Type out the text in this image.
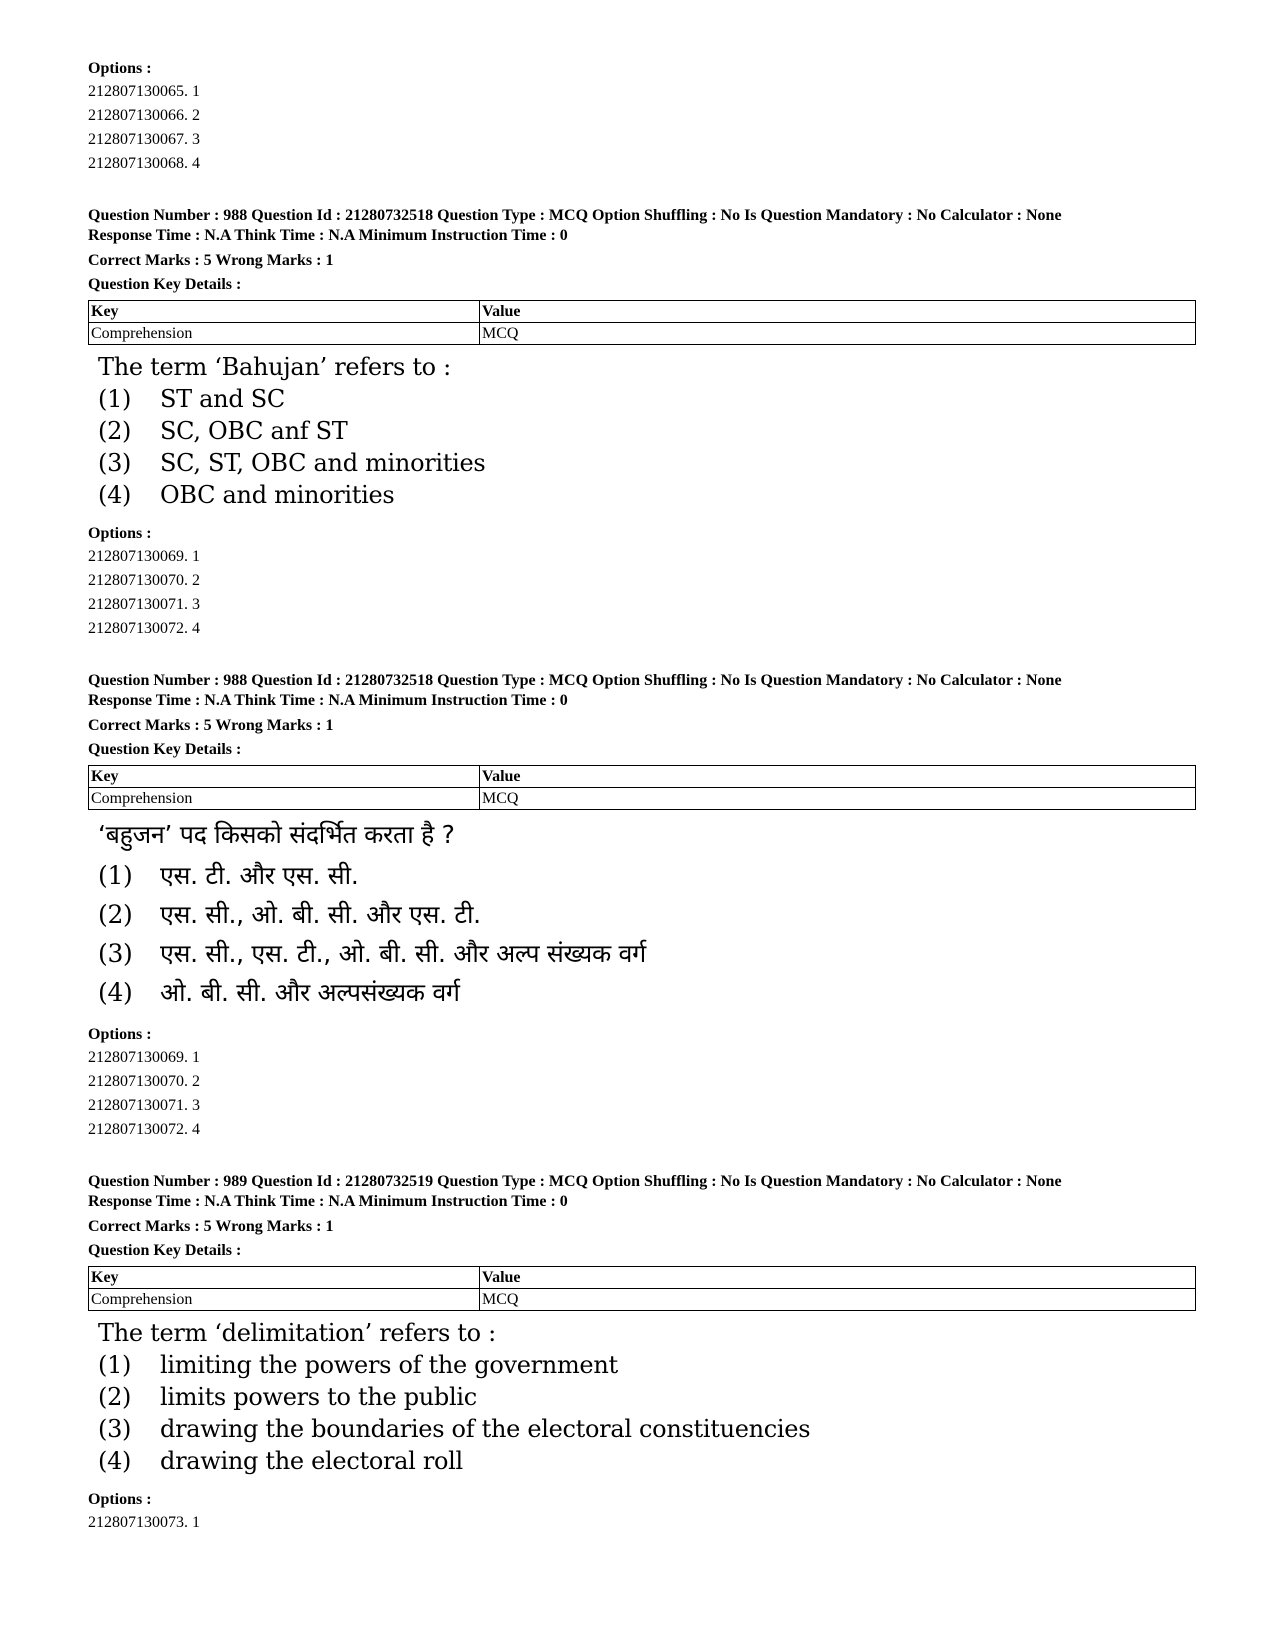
Options :
212807130065. 1
212807130066. 2
212807130067. 3
212807130068. 4
Question Number : 988 Question Id : 21280732518 Question Type : MCQ Option Shuffling : No Is Question Mandatory : No Calculator : None
Response Time : N.A Think Time : N.A Minimum Instruction Time : 0
Correct Marks : 5 Wrong Marks : 1
Question Key Details :
Key	Value
Comprehension	MCQ
The term ‘Bahujan’ refers to :
(1)	ST and SC
(2)	SC, OBC anf ST
(3)	SC, ST, OBC and minorities
(4)	OBC and minorities
Options :
212807130069. 1
212807130070. 2
212807130071. 3
212807130072. 4
Question Number : 988 Question Id : 21280732518 Question Type : MCQ Option Shuffling : No Is Question Mandatory : No Calculator : None
Response Time : N.A Think Time : N.A Minimum Instruction Time : 0
Correct Marks : 5 Wrong Marks : 1
Question Key Details :
Key	Value
Comprehension	MCQ
‘बहुजन’ पद किसको संदर्भित करता है ?
(1)	एस. टी. और एस. सी.
(2)	एस. सी., ओ. बी. सी. और एस. टी.
(3)	एस. सी., एस. टी., ओ. बी. सी. और अल्प संख्यक वर्ग
(4)	ओ. बी. सी. और अल्पसंख्यक वर्ग
Options :
212807130069. 1
212807130070. 2
212807130071. 3
212807130072. 4
Question Number : 989 Question Id : 21280732519 Question Type : MCQ Option Shuffling : No Is Question Mandatory : No Calculator : None
Response Time : N.A Think Time : N.A Minimum Instruction Time : 0
Correct Marks : 5 Wrong Marks : 1
Question Key Details :
Key	Value
Comprehension	MCQ
The term ‘delimitation’ refers to :
(1)	limiting the powers of the government
(2)	limits powers to the public
(3)	drawing the boundaries of the electoral constituencies
(4)	drawing the electoral roll
Options :
212807130073. 1
